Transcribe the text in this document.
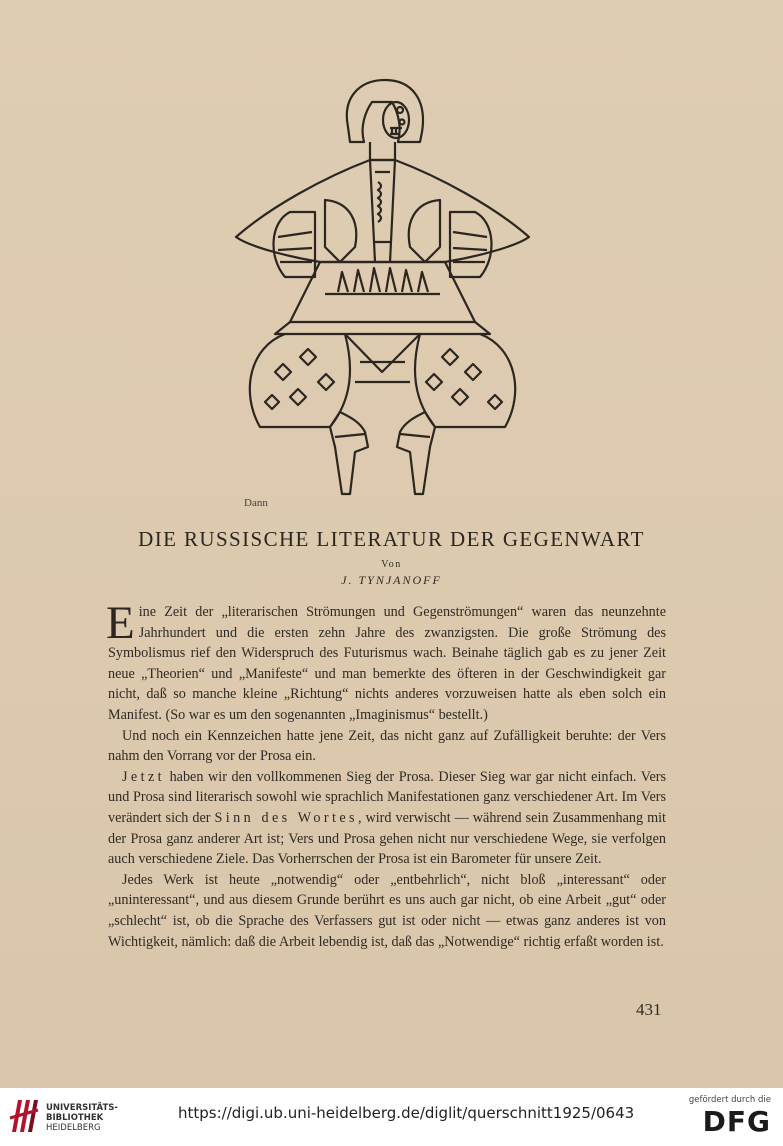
Dann
DIE RUSSISCHE LITERATUR DER GEGENWART
Von
J. TYNJANOFF

Eine Zeit der „literarischen Strömungen und Gegenströmungen“ waren das neunzehnte Jahrhundert und die ersten zehn Jahre des zwanzigsten. Die große Strömung des Symbolismus rief den Widerspruch des Futurismus wach. Beinahe täglich gab es zu jener Zeit neue „Theorien“ und „Manifeste“ und man bemerkte des öfteren in der Geschwindigkeit gar nicht, daß so manche kleine „Richtung“ nichts anderes vorzuweisen hatte als eben solch ein Manifest. (So war es um den sogenannten „Imaginismus“ bestellt.)

Und noch ein Kennzeichen hatte jene Zeit, das nicht ganz auf Zufälligkeit beruhte: der Vers nahm den Vorrang vor der Prosa ein.

Jetzt haben wir den vollkommenen Sieg der Prosa. Dieser Sieg war gar nicht einfach. Vers und Prosa sind literarisch sowohl wie sprachlich Manifestationen ganz verschiedener Art. Im Vers verändert sich der Sinn des Wortes, wird verwischt — während sein Zusammenhang mit der Prosa ganz anderer Art ist; Vers und Prosa gehen nicht nur verschiedene Wege, sie verfolgen auch verschiedene Ziele. Das Vorherrschen der Prosa ist ein Barometer für unsere Zeit.

Jedes Werk ist heute „notwendig“ oder „entbehrlich“, nicht bloß „interessant“ oder „uninteressant“, und aus diesem Grunde berührt es uns auch gar nicht, ob eine Arbeit „gut“ oder „schlecht“ ist, ob die Sprache des Verfassers gut ist oder nicht — etwas ganz anderes ist von Wichtigkeit, nämlich: daß die Arbeit lebendig ist, daß das „Notwendige“ richtig erfaßt worden ist.

431
UNIVERSITÄTS-
BIBLIOTHEK
HEIDELBERG
https://digi.ub.uni-heidelberg.de/diglit/querschnitt1925/0643
gefördert durch die
DFG
